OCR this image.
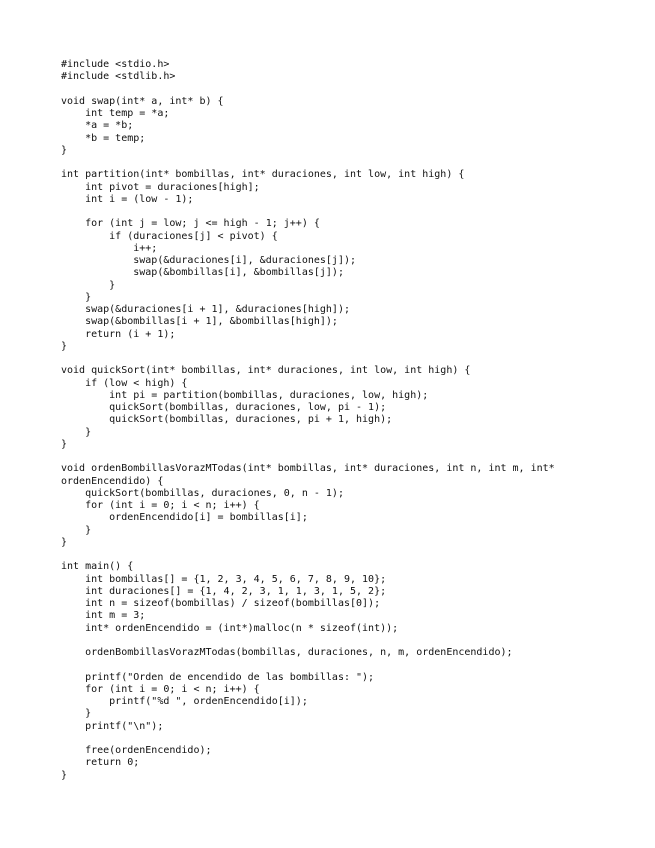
#include <stdio.h>
#include <stdlib.h>
void swap(int* a, int* b) {
int temp = *a;
*a = *b;
*b = temp;
}
int partition(int* bombillas, int* duraciones, int low, int high) {
int pivot = duraciones[high];
int i = (low - 1);
for (int j = low; j <= high - 1; j++) {
if (duraciones[j] < pivot) {
i++;
swap(&duraciones[i], &duraciones[j]);
swap(&bombillas[i], &bombillas[j]);
}
}
swap(&duraciones[i + 1], &duraciones[high]);
swap(&bombillas[i + 1], &bombillas[high]);
return (i + 1);
}
void quickSort(int* bombillas, int* duraciones, int low, int high) {
if (low < high) {
int pi = partition(bombillas, duraciones, low, high);
quickSort(bombillas, duraciones, low, pi - 1);
quickSort(bombillas, duraciones, pi + 1, high);
}
}
void ordenBombillasVorazMTodas(int* bombillas, int* duraciones, int n, int m, int*
ordenEncendido) {
quickSort(bombillas, duraciones, 0, n - 1);
for (int i = 0; i < n; i++) {
ordenEncendido[i] = bombillas[i];
}
}
int main() {
int bombillas[] = {1, 2, 3, 4, 5, 6, 7, 8, 9, 10};
int duraciones[] = {1, 4, 2, 3, 1, 1, 3, 1, 5, 2};
int n = sizeof(bombillas) / sizeof(bombillas[0]);
int m = 3;
int* ordenEncendido = (int*)malloc(n * sizeof(int));
ordenBombillasVorazMTodas(bombillas, duraciones, n, m, ordenEncendido);
printf("Orden de encendido de las bombillas: ");
for (int i = 0; i < n; i++) {
printf("%d ", ordenEncendido[i]);
}
printf("\n");
free(ordenEncendido);
return 0;
}
